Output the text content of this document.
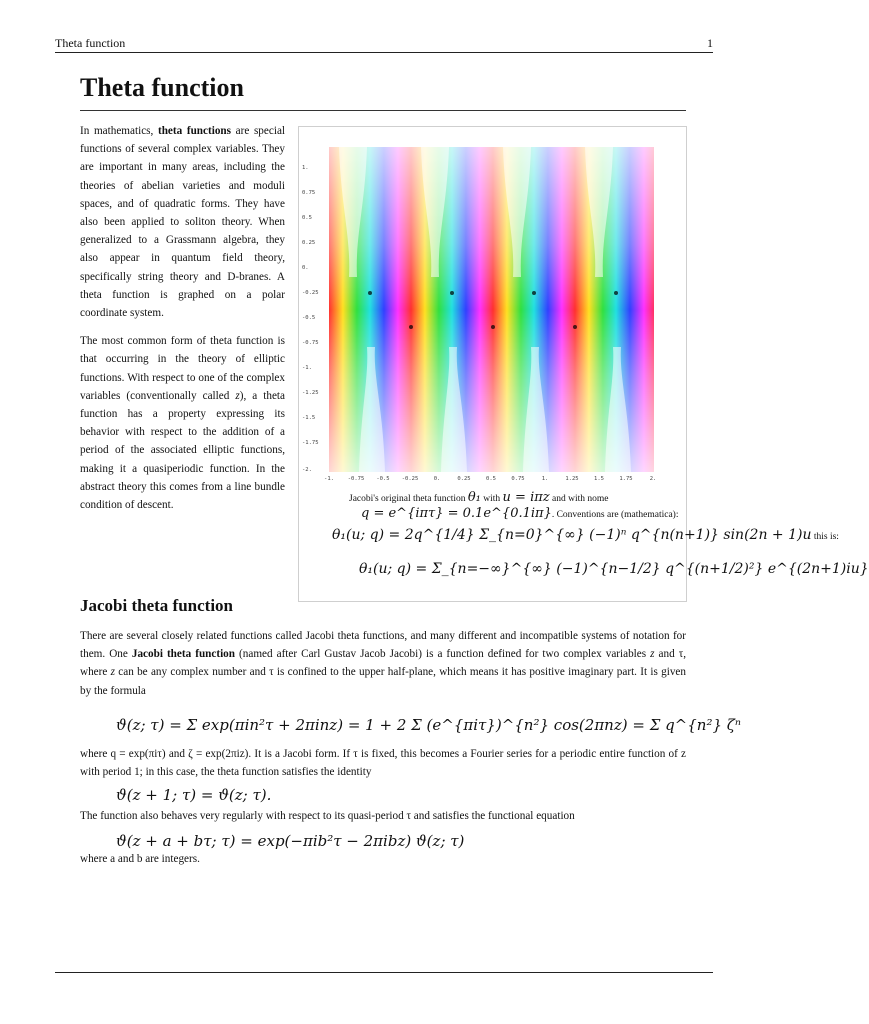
Theta function	1
Theta function

In mathematics, theta functions are special functions of several complex variables. They are important in many areas, including the theories of abelian varieties and moduli spaces, and of quadratic forms. They have also been applied to soliton theory. When generalized to a Grassmann algebra, they also appear in quantum field theory, specifically string theory and D-branes. A theta function is graphed on a polar coordinate system.

The most common form of theta function is that occurring in the theory of elliptic functions. With respect to one of the complex variables (conventionally called z), a theta function has a property expressing its behavior with respect to the addition of a period of the associated elliptic functions, making it a quasiperiodic function. In the abstract theory this comes from a line bundle condition of descent.

1.
0.75
0.5
0.25
0.
-0.25
-0.5
-0.75
-1.
-1.25
-1.5
-1.75
-2.
-1.	-0.75 -0.5 -0.25	0.	0.25	0.5	0.75	1.	1.25	1.5	1.75	2.
Jacobi's original theta function θ₁ with u = iπz and with nome
q = e^{iπτ} = 0.1e^{0.1iπ}. Conventions are (mathematica):
θ₁(u; q) = 2q^{1/4} Σ_{n=0}^{∞} (−1)ⁿ q^{n(n+1)} sin(2n + 1)u this is:
θ₁(u; q) = Σ_{n=−∞}^{∞} (−1)^{n−1/2} q^{(n+1/2)²} e^{(2n+1)iu}
Jacobi theta function
There are several closely related functions called Jacobi theta functions, and many different and incompatible systems of notation for them. One Jacobi theta function (named after Carl Gustav Jacob Jacobi) is a function defined for two complex variables z and τ, where z can be any complex number and τ is confined to the upper half-plane, which means it has positive imaginary part. It is given by the formula
ϑ(z; τ) = Σ exp(πin²τ + 2πinz) = 1 + 2 Σ (e^{πiτ})^{n²} cos(2πnz) = Σ q^{n²} ζⁿ
where q = exp(πiτ) and ζ = exp(2πiz). It is a Jacobi form. If τ is fixed, this becomes a Fourier series for a periodic entire function of z with period 1; in this case, the theta function satisfies the identity
ϑ(z + 1; τ) = ϑ(z; τ).
The function also behaves very regularly with respect to its quasi-period τ and satisfies the functional equation
ϑ(z + a + bτ; τ) = exp(−πib²τ − 2πibz) ϑ(z; τ)
where a and b are integers.
